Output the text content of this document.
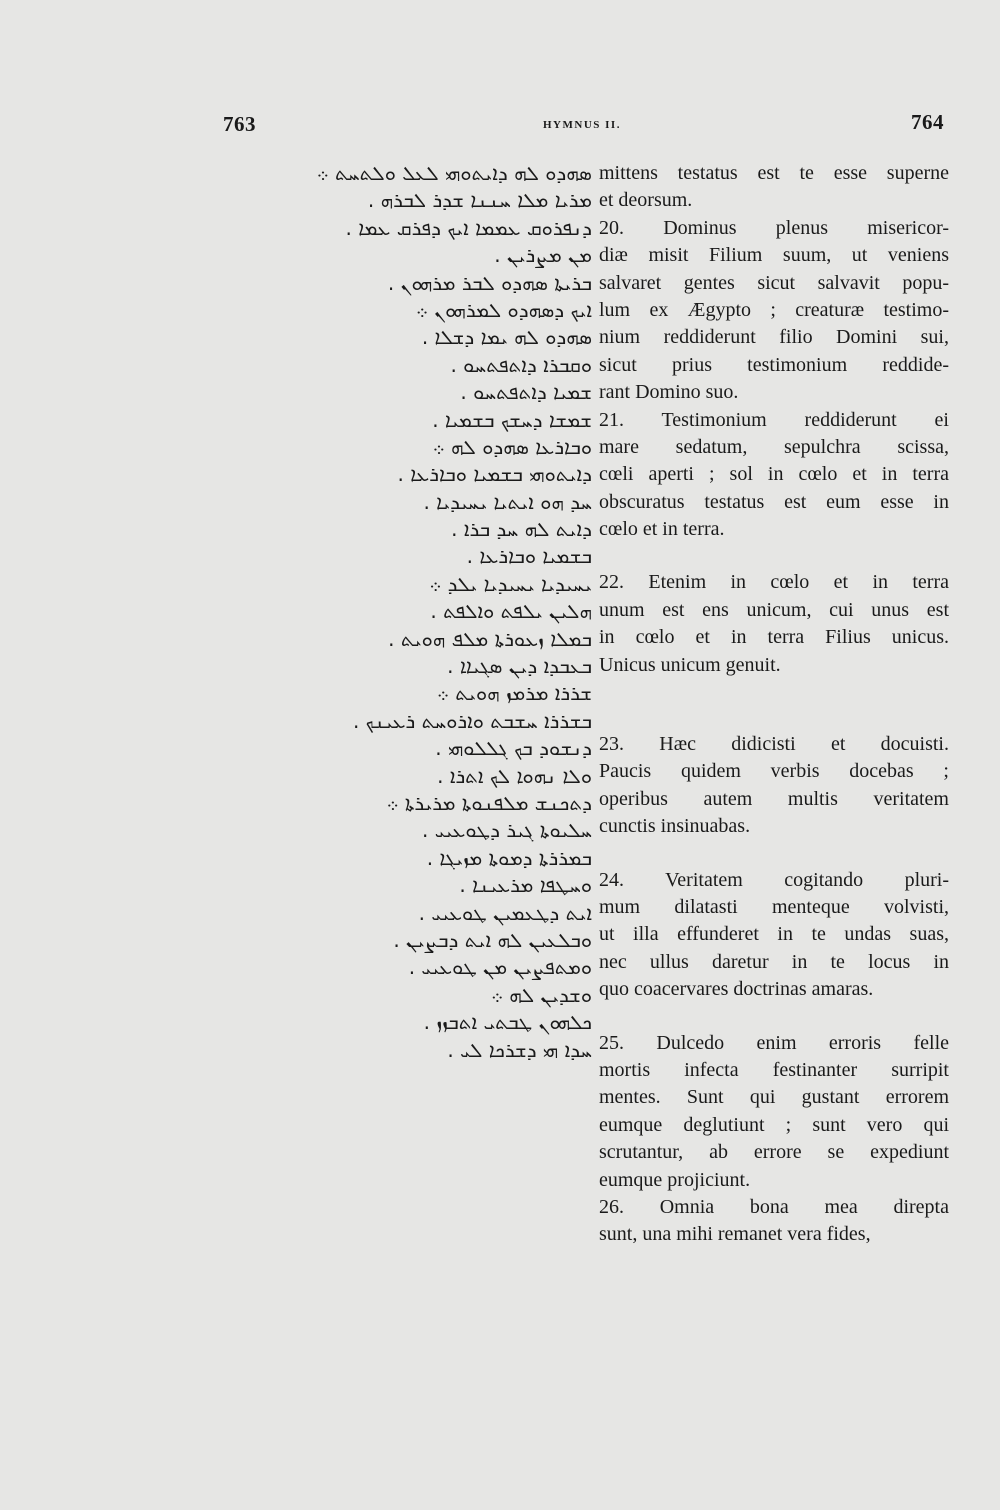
763	HYMNUS II.	764
ܣܗܕܘ ܠܗ ܕܐܝܬܘܗܝ ܠܥܠ ܘܠܬܚܬ ܀
ܡܪܝܐ ܡܠܐ ܚܢܢܐ ܫܕܪ ܠܒܪܗ .
ܕܢܦܪܘܩ ܥܡܡܐ ܐܝܟ ܕܦܪܩ ܥܡܐ .
ܡܢ ܡܨܪܝܢ .
ܒܪܝܬܐ ܣܗܕܘ ܠܒܪ ܡܪܗܘܢ .
ܐܝܟ ܕܣܗܕܘ ܠܡܪܗܘܢ ܀
ܣܗܕܘ ܠܗ ܝܡܐ ܕܫܠܐ .
ܘܩܒܪܐ ܕܐܬܦܬܚܘ .
ܫܡܝܐ ܕܐܬܦܬܚܘ .
ܫܡܫܐ ܕܚܫܟ ܒܫܡܝܐ .
ܘܒܐܪܥܐ ܣܗܕܘ ܠܗ ܀
ܕܐܝܬܘܗܝ ܒܫܡܝܐ ܘܒܐܪܥܐ .
ܚܕ ܗܘ ܐܝܬܝܐ ܝܚܝܕܝܐ .
ܕܐܝܬ ܠܗ ܚܕ ܒܪܐ .
ܒܫܡܝܐ ܘܒܐܪܥܐ .
ܝܚܝܕܝܐ ܝܚܝܕܝܐ ܝܠܕ ܀
ܗܠܝܢ ܝܠܦܬ ܘܐܠܦܬ .
ܒܡܠܐ ܙܥܘܪܬܐ ܡܠܦ ܗܘܝܬ .
ܒܥܒܕܐ ܕܝܢ ܣܓܝܐܐ .
ܫܪܪܐ ܡܪܡܙ ܗܘܝܬ ܀
ܒܫܪܪܐ ܚܫܒܬ ܘܐܪܘܚܬ ܪܥܝܢܟ .
ܕܢܫܘܕ ܒܟ ܓܠܠܘܗܝ .
ܘܠܐ ܢܗܘܐ ܠܟ ܐܬܪܐ .
ܕܬܟܢܫ ܡܠܦܢܘܬܐ ܡܪܝܪܬܐ ܀
ܚܠܝܘܬܐ ܓܝܪ ܕܛܘܥܝܝ .
ܒܡܪܪܬܐ ܕܡܘܬܐ ܡܙܝܓܐ .
ܘܚܛܦܐ ܡܪܥܝܢܐ .
ܐܝܬ ܕܛܥܡܝܢ ܛܘܥܝܝ .
ܘܒܠܥܝܢ ܠܗ ܐܝܬ ܕܒܨܝܢ .
ܘܡܬܦܨܝܢ ܡܢ ܛܘܥܝܝ .
ܘܫܕܝܢ ܠܗ ܀
ܟܠܗܘܢ ܛܒܬܝ ܐܬܒܙܙ .
ܚܕܐ ܗܝ ܕܫܪܟܐ ܠܝ .
mittens testatus est te esse superne
et deorsum.
20. Dominus plenus misericor-
diæ misit Filium suum, ut veniens
salvaret gentes sicut salvavit popu-
lum ex Ægypto ; creaturæ testimo-
nium reddiderunt filio Domini sui,
sicut prius testimonium reddide-
rant Domino suo.
21. Testimonium reddiderunt ei
mare sedatum, sepulchra scissa,
cœli aperti ; sol in cœlo et in terra
obscuratus testatus est eum esse in
cœlo et in terra.
22. Etenim in cœlo et in terra
unum est ens unicum, cui unus est
in cœlo et in terra Filius unicus.
Unicus unicum genuit.
23. Hæc didicisti et docuisti.
Paucis quidem verbis docebas ;
operibus autem multis veritatem
cunctis insinuabas.
24. Veritatem cogitando pluri-
mum dilatasti menteque volvisti,
ut illa effunderet in te undas suas,
nec ullus daretur in te locus in
quo coacervares doctrinas amaras.
25. Dulcedo enim erroris felle
mortis infecta festinanter surripit
mentes. Sunt qui gustant errorem
eumque deglutiunt ; sunt vero qui
scrutantur, ab errore se expediunt
eumque projiciunt.
26. Omnia bona mea direpta
sunt, una mihi remanet vera fides,
